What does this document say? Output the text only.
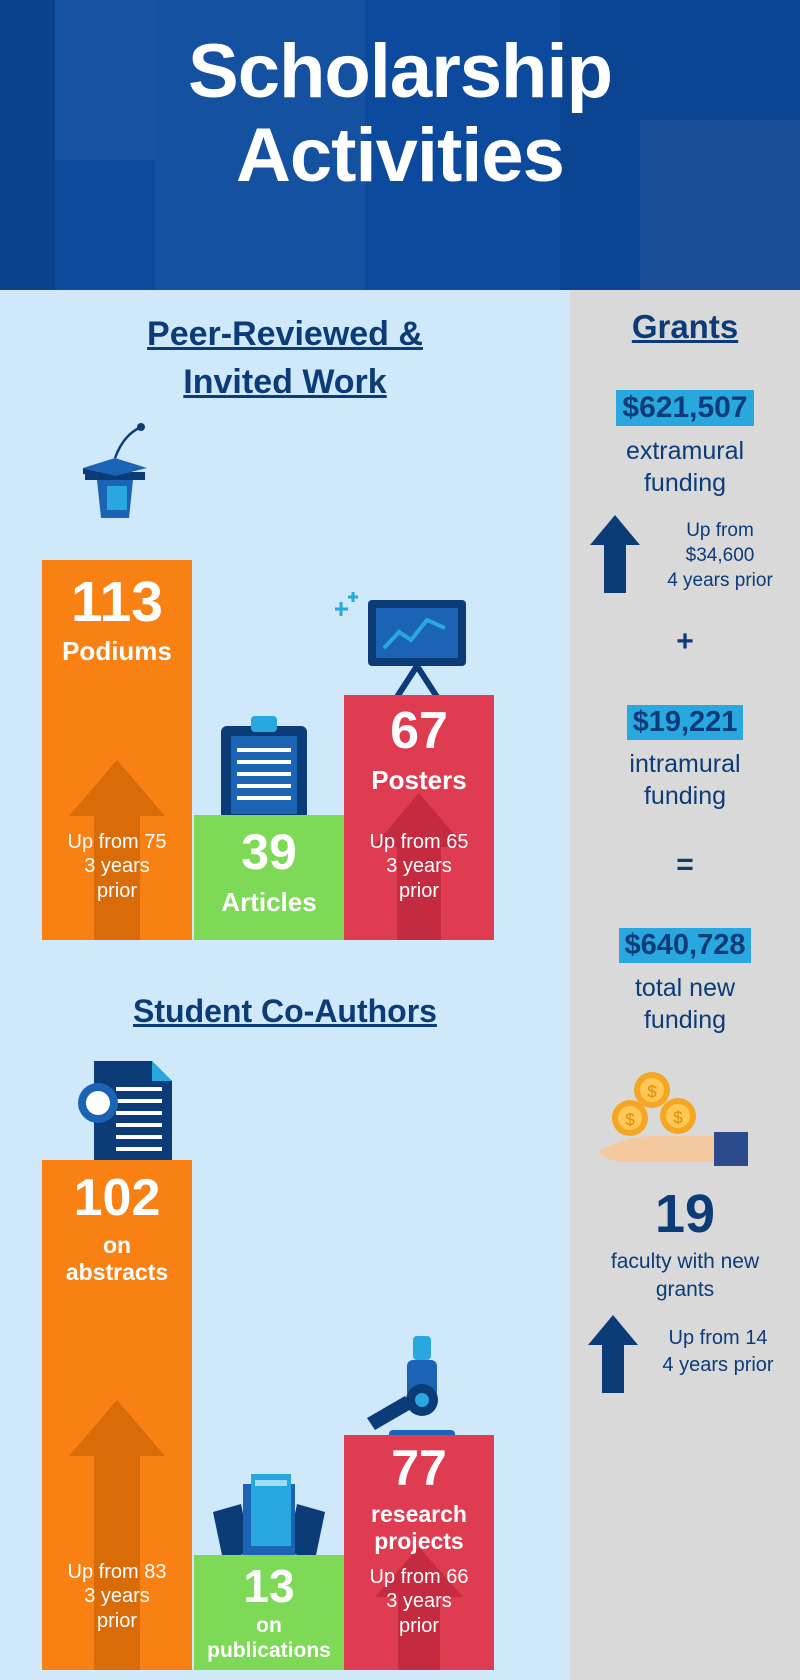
Scholarship
Activities
Peer-Reviewed &
Invited Work
113
Podiums
Up from 75
3 years
prior
39
Articles
67
Posters
Up from 65
3 years
prior
Student Co-Authors
102
on
abstracts
Up from 83
3 years
prior
13
on
publications
77
research
projects
Up from 66
3 years
prior
Grants
$621,507
extramural
funding
Up from
$34,600
4 years prior
+
$19,221
intramural
funding
=
$640,728
total new
funding
$
$ $
19
faculty with new
grants
Up from 14
4 years prior
